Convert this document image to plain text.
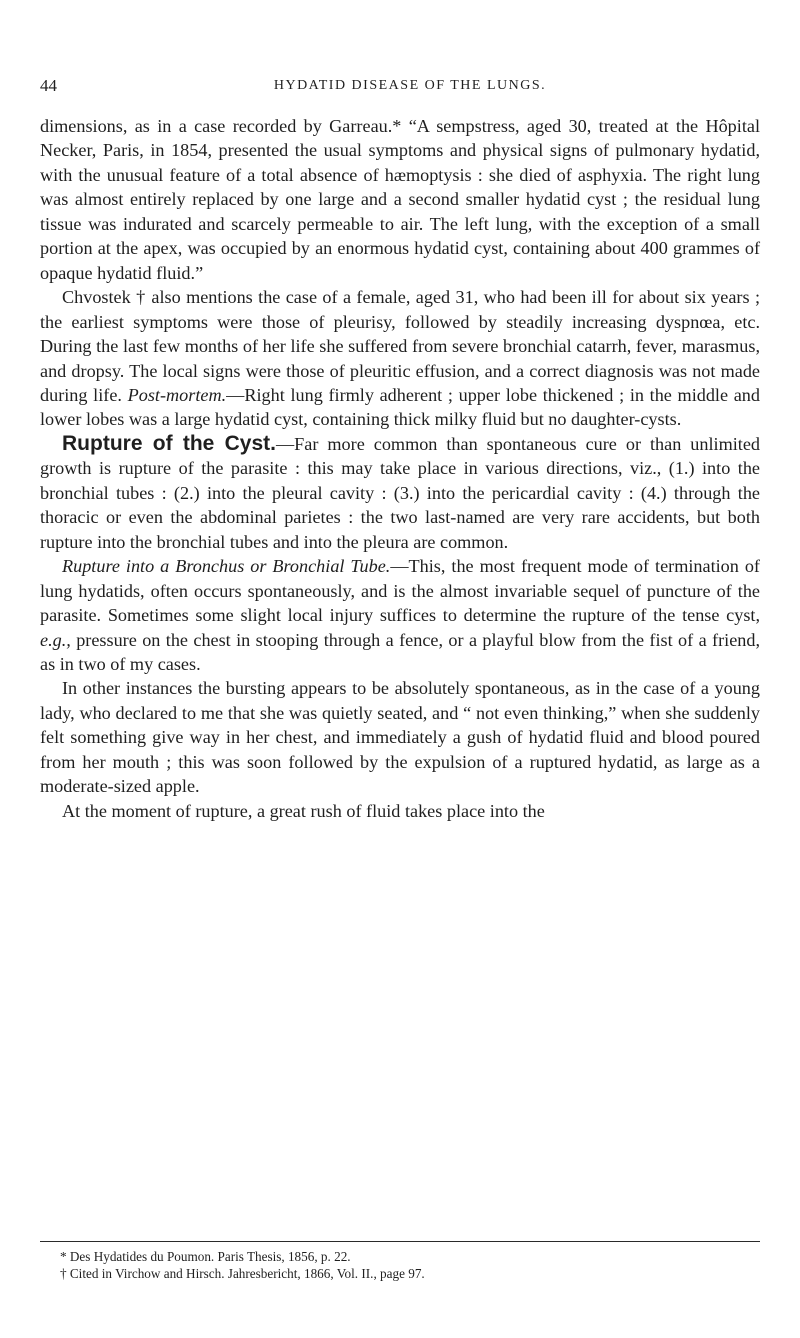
44	HYDATID DISEASE OF THE LUNGS.

dimensions, as in a case recorded by Garreau.* “A sempstress, aged 30, treated at the Hôpital Necker, Paris, in 1854, presented the usual symptoms and physical signs of pulmonary hydatid, with the unusual feature of a total absence of hæmoptysis : she died of asphyxia. The right lung was almost entirely replaced by one large and a second smaller hydatid cyst ; the residual lung tissue was indurated and scarcely permeable to air. The left lung, with the exception of a small portion at the apex, was occupied by an enormous hydatid cyst, containing about 400 grammes of opaque hydatid fluid.”

Chvostek † also mentions the case of a female, aged 31, who had been ill for about six years ; the earliest symptoms were those of pleurisy, followed by steadily increasing dyspnœa, etc. During the last few months of her life she suffered from severe bronchial catarrh, fever, marasmus, and dropsy. The local signs were those of pleuritic effusion, and a correct diagnosis was not made during life. Post-mortem.—Right lung firmly adherent ; upper lobe thickened ; in the middle and lower lobes was a large hydatid cyst, containing thick milky fluid but no daughter-cysts.

Rupture of the Cyst.—Far more common than spontaneous cure or than unlimited growth is rupture of the parasite : this may take place in various directions, viz., (1.) into the bronchial tubes : (2.) into the pleural cavity : (3.) into the pericardial cavity : (4.) through the thoracic or even the abdominal parietes : the two last-named are very rare accidents, but both rupture into the bronchial tubes and into the pleura are common.

Rupture into a Bronchus or Bronchial Tube.—This, the most frequent mode of termination of lung hydatids, often occurs spontaneously, and is the almost invariable sequel of puncture of the parasite. Sometimes some slight local injury suffices to determine the rupture of the tense cyst, e.g., pressure on the chest in stooping through a fence, or a playful blow from the fist of a friend, as in two of my cases.

In other instances the bursting appears to be absolutely spontaneous, as in the case of a young lady, who declared to me that she was quietly seated, and “ not even thinking,” when she suddenly felt something give way in her chest, and immediately a gush of hydatid fluid and blood poured from her mouth ; this was soon followed by the expulsion of a ruptured hydatid, as large as a moderate-sized apple.

At the moment of rupture, a great rush of fluid takes place into the

* Des Hydatides du Poumon. Paris Thesis, 1856, p. 22.
† Cited in Virchow and Hirsch. Jahresbericht, 1866, Vol. II., page 97.
